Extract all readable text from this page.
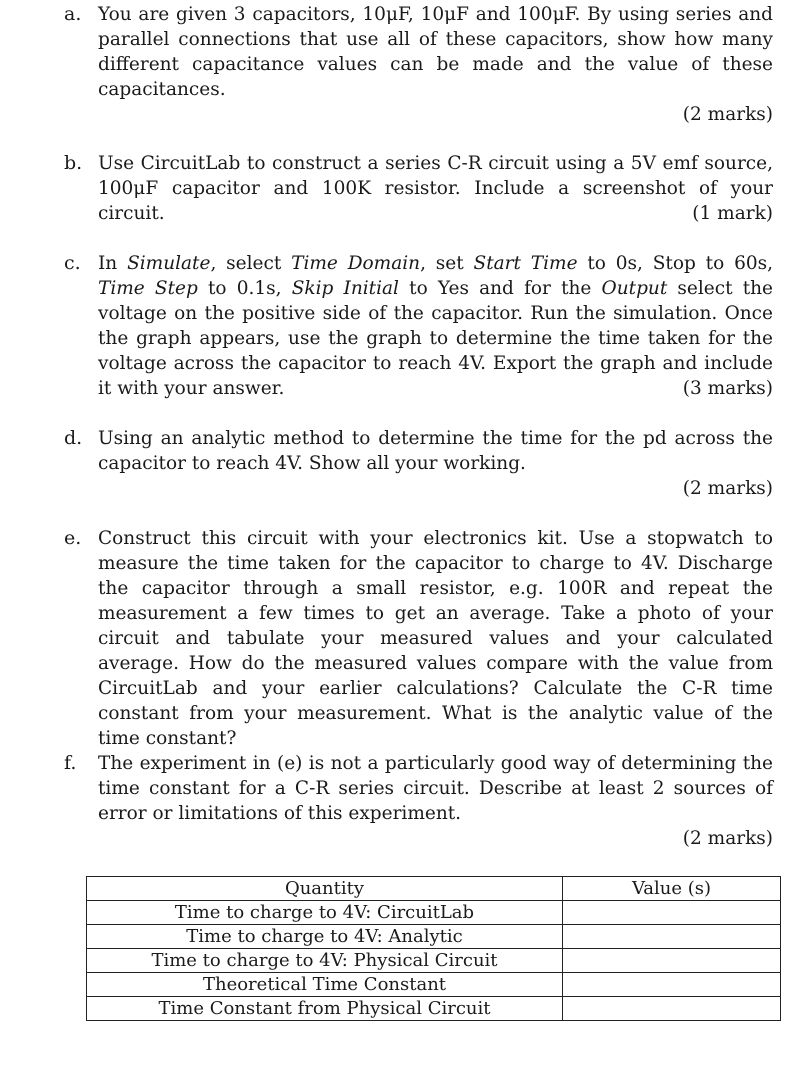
a. You are given 3 capacitors, 10μF, 10μF and 100μF. By using series and parallel connections that use all of these capacitors, show how many different capacitance values can be made and the value of these capacitances.

(2 marks)
b. Use CircuitLab to construct a series C-R circuit using a 5V emf source, 100μF capacitor and 100K resistor. Include a screenshot of your circuit.	(1 mark)
c. In Simulate, select Time Domain, set Start Time to 0s, Stop to 60s, Time Step to 0.1s, Skip Initial to Yes and for the Output select the voltage on the positive side of the capacitor. Run the simulation. Once the graph appears, use the graph to determine the time taken for the voltage across the capacitor to reach 4V. Export the graph and include it with your answer.	(3 marks)
d. Using an analytic method to determine the time for the pd across the capacitor to reach 4V. Show all your working.

(2 marks)
e. Construct this circuit with your electronics kit. Use a stopwatch to measure the time taken for the capacitor to charge to 4V. Discharge the capacitor through a small resistor, e.g. 100R and repeat the measurement a few times to get an average. Take a photo of your circuit and tabulate your measured values and your calculated average. How do the measured values compare with the value from CircuitLab and your earlier calculations? Calculate the C-R time constant from your measurement. What is the analytic value of the time constant?

f. The experiment in (e) is not a particularly good way of determining the time constant for a C-R series circuit. Describe at least 2 sources of error or limitations of this experiment.

(2 marks)
Quantity	Value (s)
Time to charge to 4V: CircuitLab	
Time to charge to 4V: Analytic	
Time to charge to 4V: Physical Circuit	
Theoretical Time Constant	
Time Constant from Physical Circuit	
